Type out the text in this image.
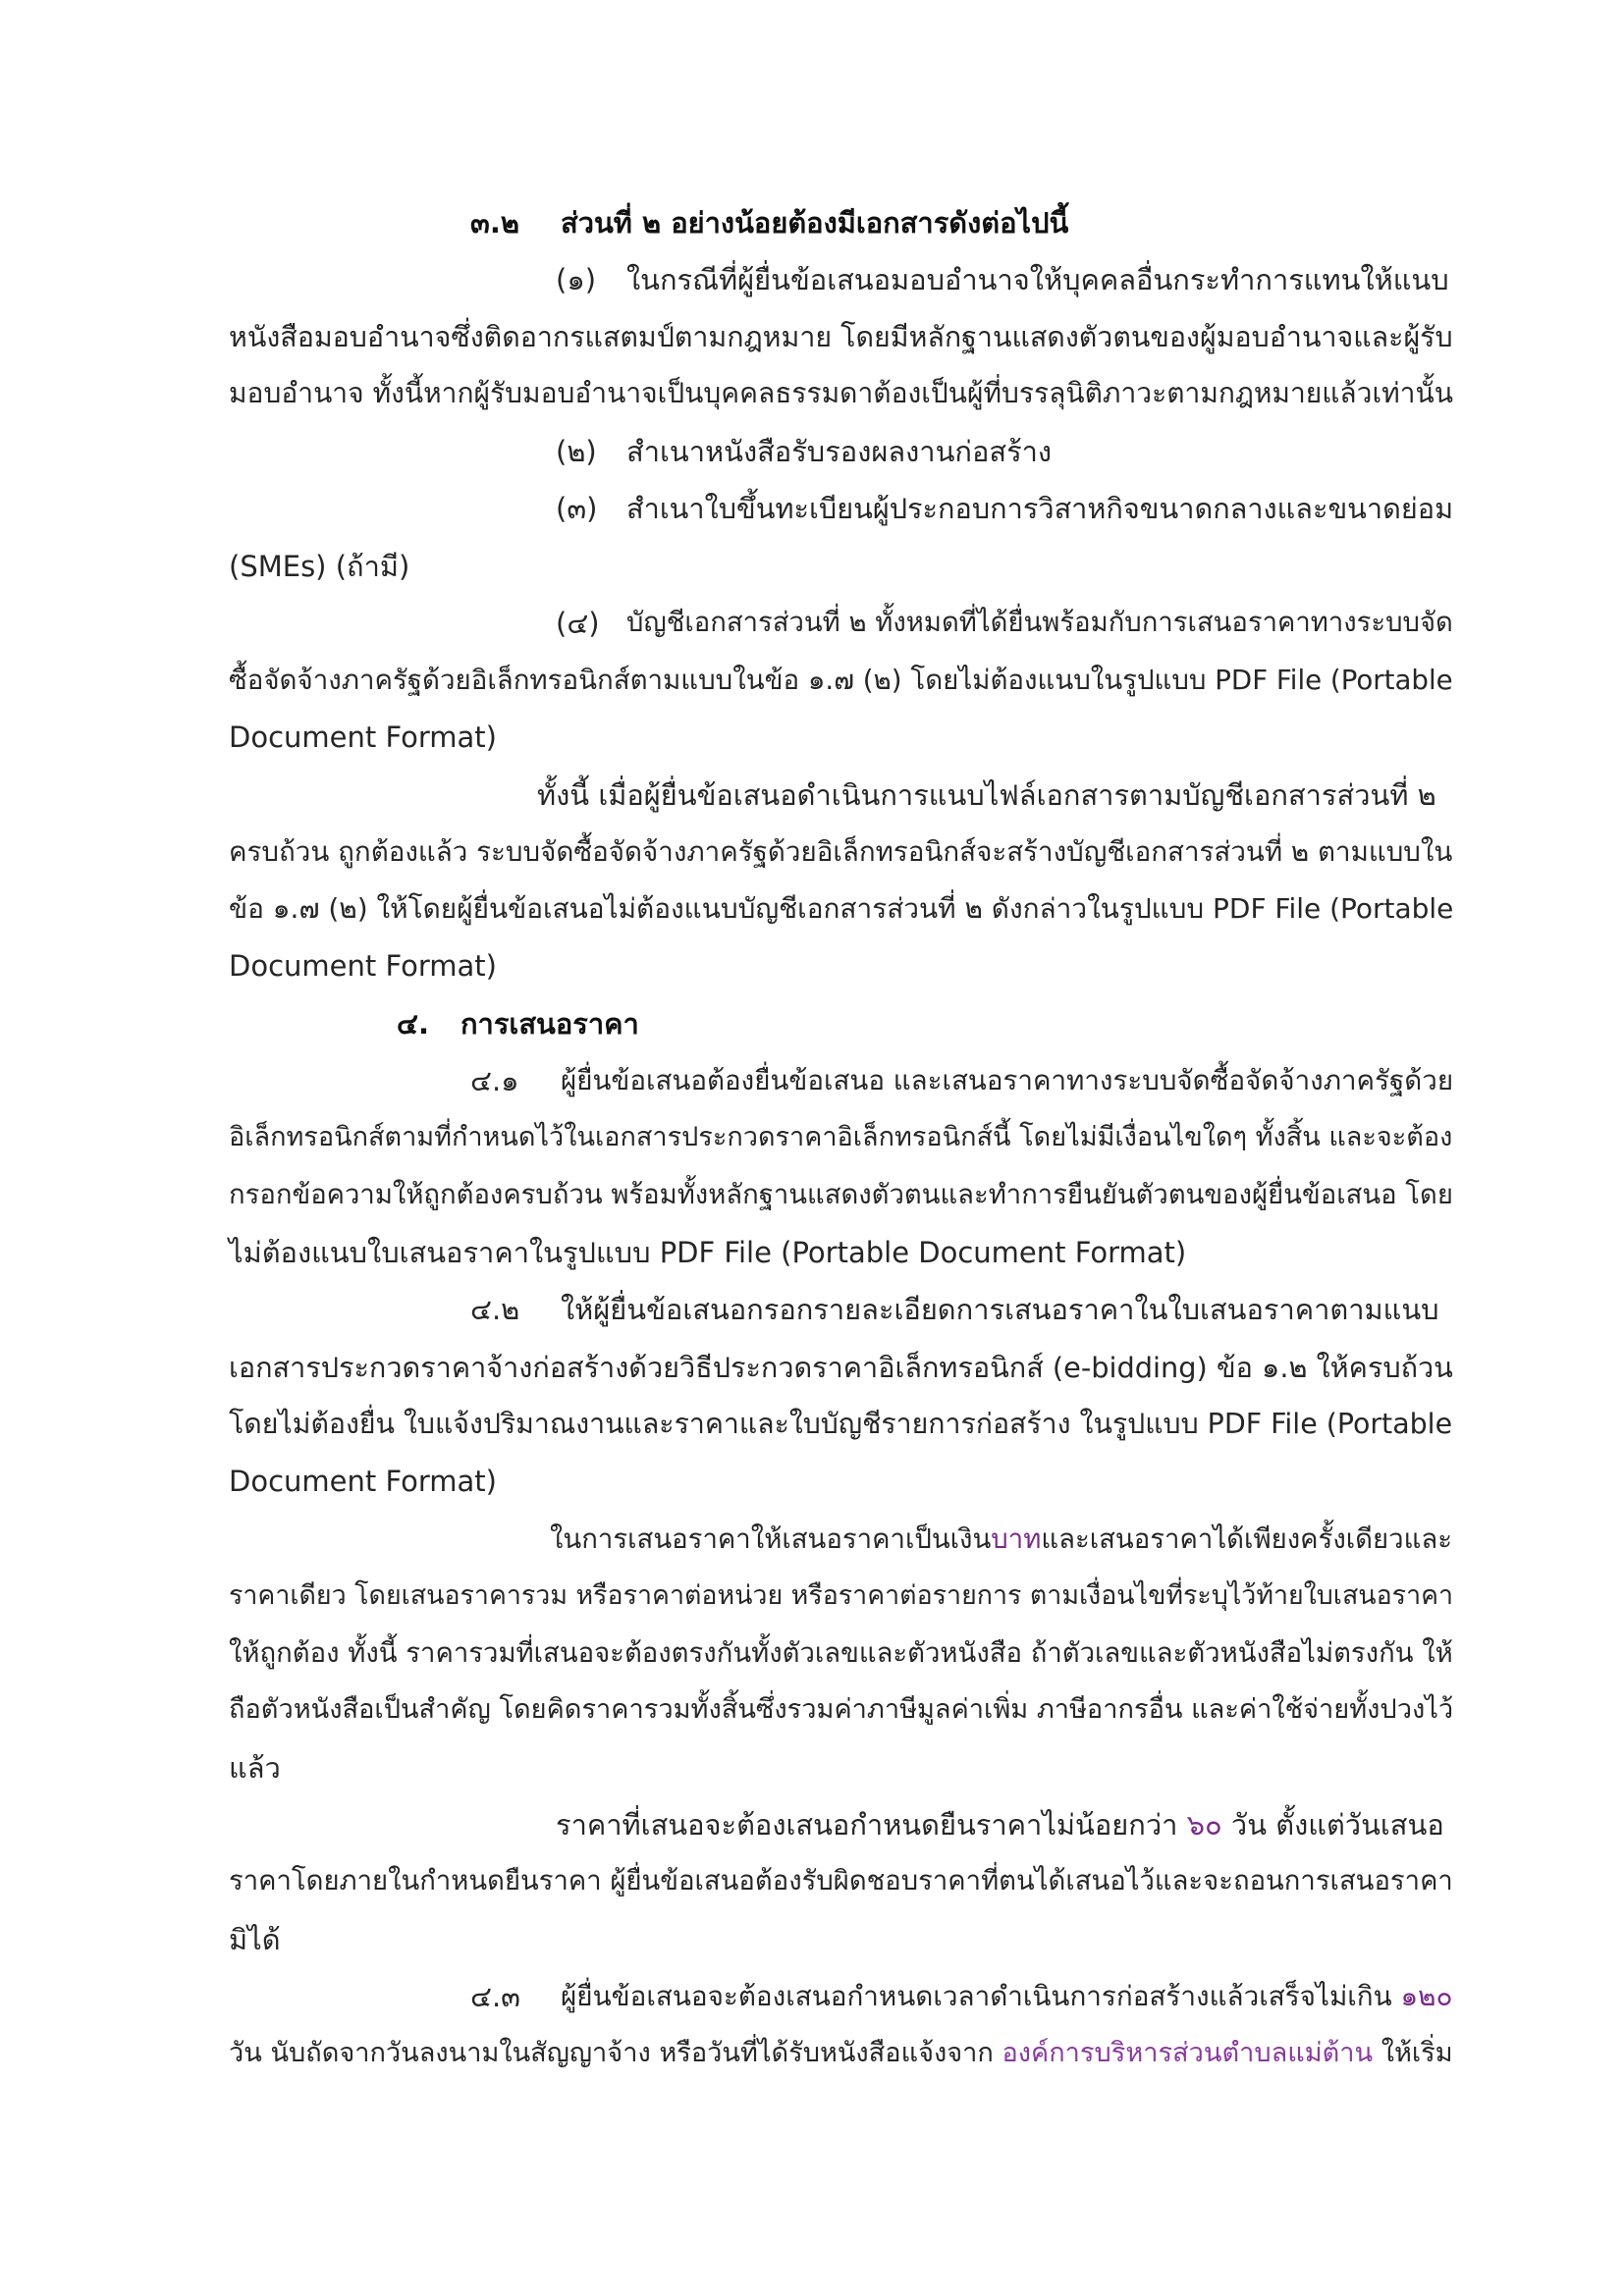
๓.๒ ส่วนที่ ๒ อย่างน้อยต้องมีเอกสารดังต่อไปนี้
(๑) ในกรณีที่ผู้ยื่นข้อเสนอมอบอำนาจให้บุคคลอื่นกระทำการแทนให้แนบ
หนังสือมอบอำนาจซึ่งติดอากรแสตมป์ตามกฎหมาย โดยมีหลักฐานแสดงตัวตนของผู้มอบอำนาจและผู้รับ
มอบอำนาจ ทั้งนี้หากผู้รับมอบอำนาจเป็นบุคคลธรรมดาต้องเป็นผู้ที่บรรลุนิติภาวะตามกฎหมายแล้วเท่านั้น
(๒) สำเนาหนังสือรับรองผลงานก่อสร้าง
(๓) สำเนาใบขึ้นทะเบียนผู้ประกอบการวิสาหกิจขนาดกลางและขนาดย่อม
(SMEs) (ถ้ามี)
(๔) บัญชีเอกสารส่วนที่ ๒ ทั้งหมดที่ได้ยื่นพร้อมกับการเสนอราคาทางระบบจัด
ซื้อจัดจ้างภาครัฐด้วยอิเล็กทรอนิกส์ตามแบบในข้อ ๑.๗ (๒) โดยไม่ต้องแนบในรูปแบบ PDF File (Portable
Document Format)
ทั้งนี้ เมื่อผู้ยื่นข้อเสนอดำเนินการแนบไฟล์เอกสารตามบัญชีเอกสารส่วนที่ ๒
ครบถ้วน ถูกต้องแล้ว ระบบจัดซื้อจัดจ้างภาครัฐด้วยอิเล็กทรอนิกส์จะสร้างบัญชีเอกสารส่วนที่ ๒ ตามแบบใน
ข้อ ๑.๗ (๒) ให้โดยผู้ยื่นข้อเสนอไม่ต้องแนบบัญชีเอกสารส่วนที่ ๒ ดังกล่าวในรูปแบบ PDF File (Portable
Document Format)
๔. การเสนอราคา
๔.๑ ผู้ยื่นข้อเสนอต้องยื่นข้อเสนอ และเสนอราคาทางระบบจัดซื้อจัดจ้างภาครัฐด้วย
อิเล็กทรอนิกส์ตามที่กำหนดไว้ในเอกสารประกวดราคาอิเล็กทรอนิกส์นี้ โดยไม่มีเงื่อนไขใดๆ ทั้งสิ้น และจะต้อง
กรอกข้อความให้ถูกต้องครบถ้วน พร้อมทั้งหลักฐานแสดงตัวตนและทำการยืนยันตัวตนของผู้ยื่นข้อเสนอ โดย
ไม่ต้องแนบใบเสนอราคาในรูปแบบ PDF File (Portable Document Format)
๔.๒ ให้ผู้ยื่นข้อเสนอกรอกรายละเอียดการเสนอราคาในใบเสนอราคาตามแนบ
เอกสารประกวดราคาจ้างก่อสร้างด้วยวิธีประกวดราคาอิเล็กทรอนิกส์ (e-bidding) ข้อ ๑.๒ ให้ครบถ้วน
โดยไม่ต้องยื่น ใบแจ้งปริมาณงานและราคาและใบบัญชีรายการก่อสร้าง ในรูปแบบ PDF File (Portable
Document Format)
ในการเสนอราคาให้เสนอราคาเป็นเงินบาทและเสนอราคาได้เพียงครั้งเดียวและ
ราคาเดียว โดยเสนอราคารวม หรือราคาต่อหน่วย หรือราคาต่อรายการ ตามเงื่อนไขที่ระบุไว้ท้ายใบเสนอราคา
ให้ถูกต้อง ทั้งนี้ ราคารวมที่เสนอจะต้องตรงกันทั้งตัวเลขและตัวหนังสือ ถ้าตัวเลขและตัวหนังสือไม่ตรงกัน ให้
ถือตัวหนังสือเป็นสำคัญ โดยคิดราคารวมทั้งสิ้นซึ่งรวมค่าภาษีมูลค่าเพิ่ม ภาษีอากรอื่น และค่าใช้จ่ายทั้งปวงไว้
แล้ว
ราคาที่เสนอจะต้องเสนอกำหนดยืนราคาไม่น้อยกว่า ๖๐ วัน ตั้งแต่วันเสนอ
ราคาโดยภายในกำหนดยืนราคา ผู้ยื่นข้อเสนอต้องรับผิดชอบราคาที่ตนได้เสนอไว้และจะถอนการเสนอราคา
มิได้
๔.๓ ผู้ยื่นข้อเสนอจะต้องเสนอกำหนดเวลาดำเนินการก่อสร้างแล้วเสร็จไม่เกิน ๑๒๐
วัน นับถัดจากวันลงนามในสัญญาจ้าง หรือวันที่ได้รับหนังสือแจ้งจาก องค์การบริหารส่วนตำบลแม่ต้าน ให้เริ่ม
